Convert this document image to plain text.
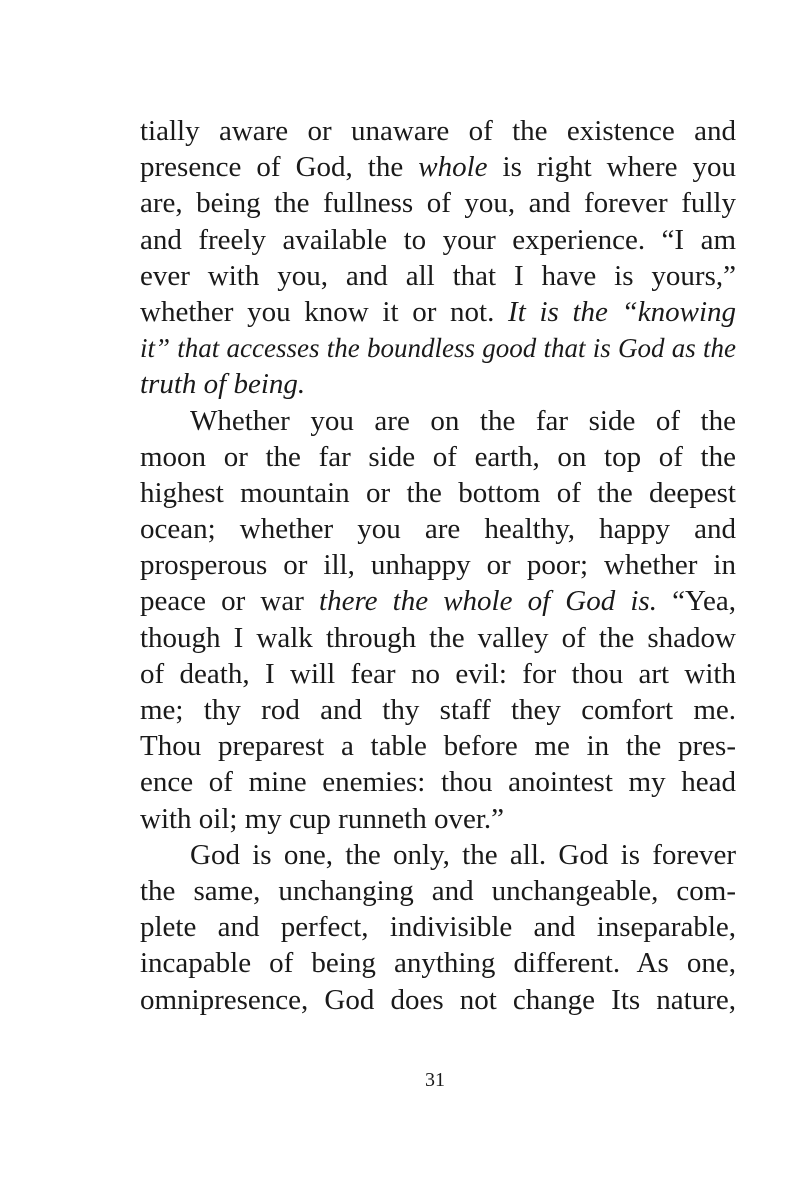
tially aware or unaware of the existence and
presence of God, the whole is right where you
are, being the fullness of you, and forever fully
and freely available to your experience. “I am
ever with you, and all that I have is yours,”
whether you know it or not. It is the “knowing
it” that accesses the boundless good that is God as the
truth of being.
Whether you are on the far side of the
moon or the far side of earth, on top of the
highest mountain or the bottom of the deepest
ocean; whether you are healthy, happy and
prosperous or ill, unhappy or poor; whether in
peace or war there the whole of God is. “Yea,
though I walk through the valley of the shadow
of death, I will fear no evil: for thou art with
me; thy rod and thy staff they comfort me.
Thou preparest a table before me in the pres-
ence of mine enemies: thou anointest my head
with oil; my cup runneth over.”
God is one, the only, the all. God is forever
the same, unchanging and unchangeable, com-
plete and perfect, indivisible and inseparable,
incapable of being anything different. As one,
omnipresence, God does not change Its nature,
31
